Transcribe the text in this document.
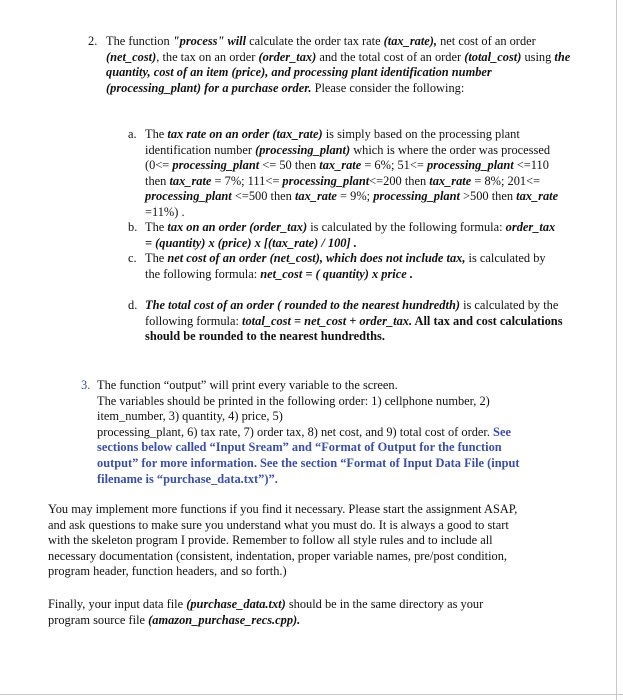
2. The function "process" will calculate the order tax rate (tax_rate), net cost of an order (net_cost), the tax on an order (order_tax) and the total cost of an order (total_cost) using the quantity, cost of an item (price), and processing plant identification number (processing_plant) for a purchase order. Please consider the following:
a. The tax rate on an order (tax_rate) is simply based on the processing plant identification number (processing_plant) which is where the order was processed (0<= processing_plant <= 50 then tax_rate = 6%; 51<= processing_plant <=110 then tax_rate = 7%; 111<= processing_plant<=200 then tax_rate = 8%; 201<= processing_plant <=500 then tax_rate = 9%; processing_plant >500 then tax_rate =11%) .
b. The tax on an order (order_tax) is calculated by the following formula: order_tax = (quantity) x (price) x [(tax_rate) / 100] .
c. The net cost of an order (net_cost), which does not include tax, is calculated by the following formula: net_cost = ( quantity) x price .
d. The total cost of an order ( rounded to the nearest hundredth) is calculated by the following formula: total_cost = net_cost + order_tax. All tax and cost calculations should be rounded to the nearest hundredths.
3. The function “output” will print every variable to the screen.

The variables should be printed in the following order: 1) cellphone number, 2) item_number, 3) quantity, 4) price, 5)

processing_plant, 6) tax rate, 7) order tax, 8) net cost, and 9) total cost of order. See sections below called “Input Sream” and “Format of Output for the function output” for more information. See the section “Format of Input Data File (input filename is “purchase_data.txt”)”.

You may implement more functions if you find it necessary. Please start the assignment ASAP, and ask questions to make sure you understand what you must do. It is always a good to start with the skeleton program I provide. Remember to follow all style rules and to include all necessary documentation (consistent, indentation, proper variable names, pre/post condition, program header, function headers, and so forth.)
Finally, your input data file (purchase_data.txt) should be in the same directory as your program source file (amazon_purchase_recs.cpp).
